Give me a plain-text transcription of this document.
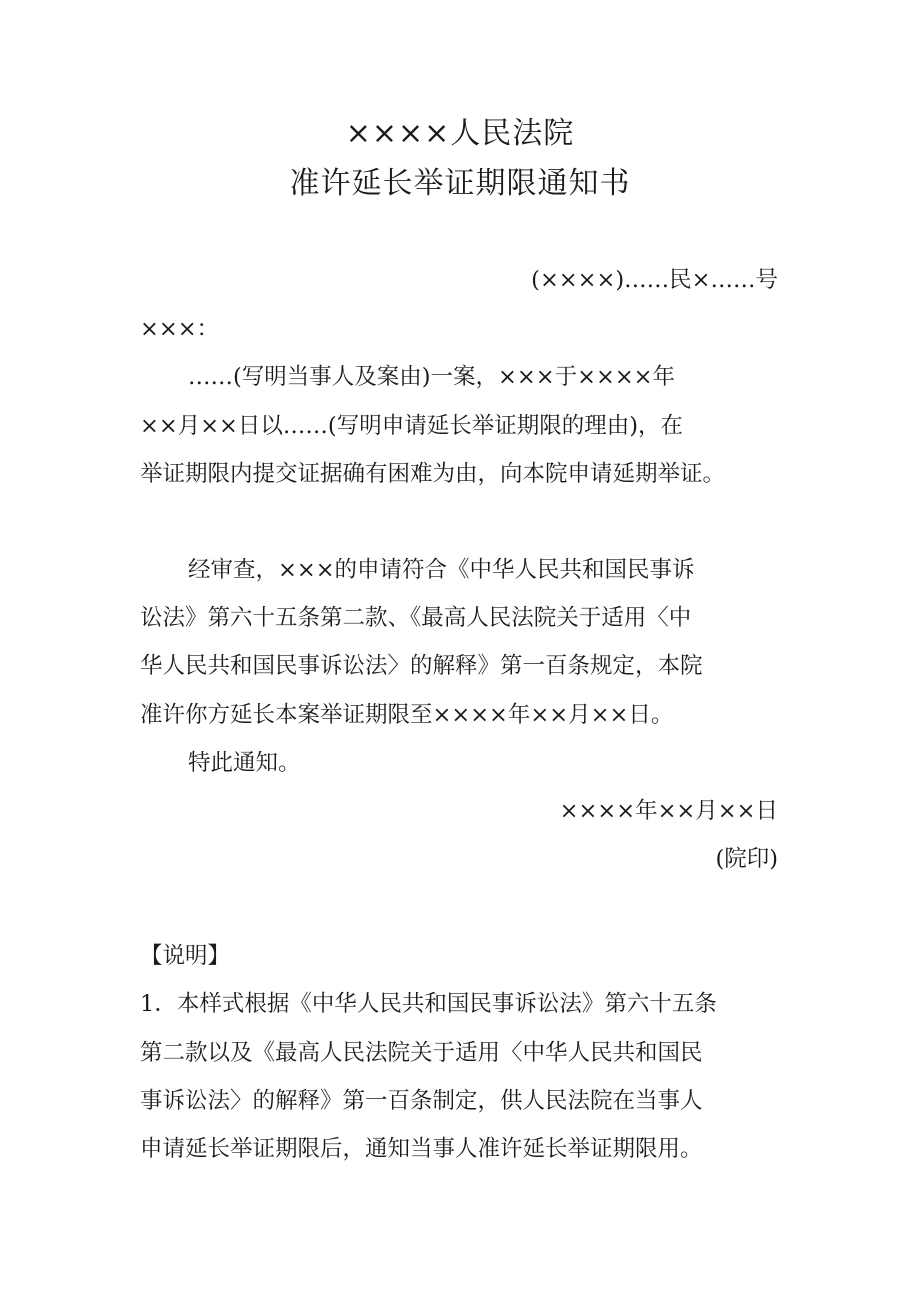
××××人民法院
准许延长举证期限通知书
(××××)……民×……号
×××：
……(写明当事人及案由)一案，×××于××××年
××月××日以……(写明申请延长举证期限的理由)，在
举证期限内提交证据确有困难为由，向本院申请延期举证。
经审查，×××的申请符合《中华人民共和国民事诉
讼法》第六十五条第二款、《最高人民法院关于适用〈中
华人民共和国民事诉讼法〉的解释》第一百条规定，本院
准许你方延长本案举证期限至××××年××月××日。
特此通知。
××××年××月××日
(院印)
【说明】
1．本样式根据《中华人民共和国民事诉讼法》第六十五条
第二款以及《最高人民法院关于适用〈中华人民共和国民
事诉讼法〉的解释》第一百条制定，供人民法院在当事人
申请延长举证期限后，通知当事人准许延长举证期限用。
